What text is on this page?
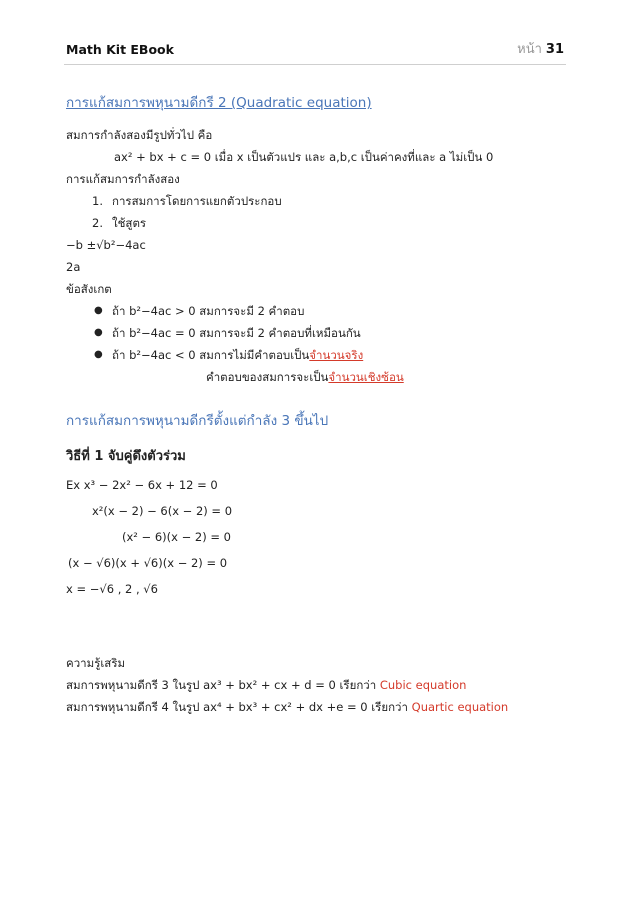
Math Kit EBook	หน้า 31

การแก้สมการพหุนามดีกรี 2 (Quadratic equation)

สมการกำลังสองมีรูปทั่วไป คือ

ax² + bx + c = 0 เมื่อ x เป็นตัวแปร และ a,b,c เป็นค่าคงที่และ a ไม่เป็น 0

การแก้สมการกำลังสอง

1. การสมการโดยการแยกตัวประกอบ

2. ใช้สูตร

−b ±√b²−4ac
2a

ข้อสังเกต

● ถ้า b²−4ac > 0 สมการจะมี 2 คำตอบ

● ถ้า b²−4ac = 0 สมการจะมี 2 คำตอบที่เหมือนกัน

● ถ้า b²−4ac < 0 สมการไม่มีคำตอบเป็นจำนวนจริง

คำตอบของสมการจะเป็นจำนวนเชิงซ้อน

การแก้สมการพหุนามดีกรีตั้งแต่กำลัง 3 ขึ้นไป

วิธีที่ 1 จับคู่ดึงตัวร่วม

Ex x³ − 2x² − 6x + 12 = 0

x²(x − 2) − 6(x − 2) = 0

(x² − 6)(x − 2) = 0

(x − √6)(x + √6)(x − 2) = 0

x = −√6 , 2 , √6

ความรู้เสริม

สมการพหุนามดีกรี 3 ในรูป ax³ + bx² + cx + d = 0 เรียกว่า Cubic equation

สมการพหุนามดีกรี 4 ในรูป ax⁴ + bx³ + cx² + dx +e = 0 เรียกว่า Quartic equation
